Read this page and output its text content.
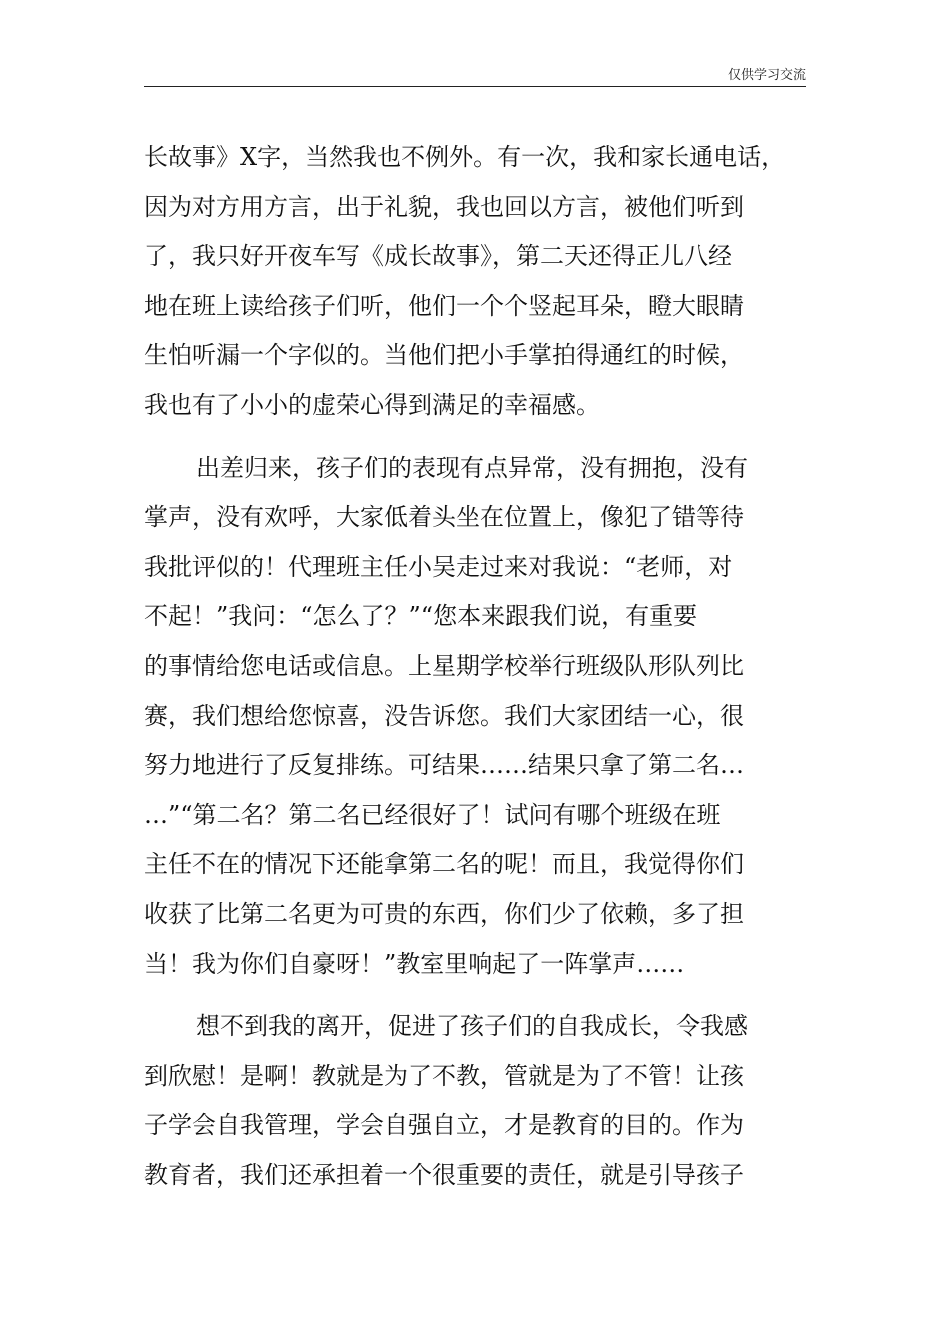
仅供学习交流
长故事》X字，当然我也不例外。有一次，我和家长通电话，
因为对方用方言，出于礼貌，我也回以方言，被他们听到
了，我只好开夜车写《成长故事》，第二天还得正儿八经
地在班上读给孩子们听，他们一个个竖起耳朵，瞪大眼睛
生怕听漏一个字似的。当他们把小手掌拍得通红的时候，
我也有了小小的虚荣心得到满足的幸福感。
出差归来，孩子们的表现有点异常，没有拥抱，没有
掌声，没有欢呼，大家低着头坐在位置上，像犯了错等待
我批评似的！代理班主任小吴走过来对我说：“老师，对
不起！”我问：“怎么了？”“您本来跟我们说，有重要
的事情给您电话或信息。上星期学校举行班级队形队列比
赛，我们想给您惊喜，没告诉您。我们大家团结一心，很
努力地进行了反复排练。可结果……结果只拿了第二名…
…”“第二名？第二名已经很好了！试问有哪个班级在班
主任不在的情况下还能拿第二名的呢！而且，我觉得你们
收获了比第二名更为可贵的东西，你们少了依赖，多了担
当！我为你们自豪呀！”教室里响起了一阵掌声……
想不到我的离开，促进了孩子们的自我成长，令我感
到欣慰！是啊！教就是为了不教，管就是为了不管！让孩
子学会自我管理，学会自强自立，才是教育的目的。作为
教育者，我们还承担着一个很重要的责任，就是引导孩子
